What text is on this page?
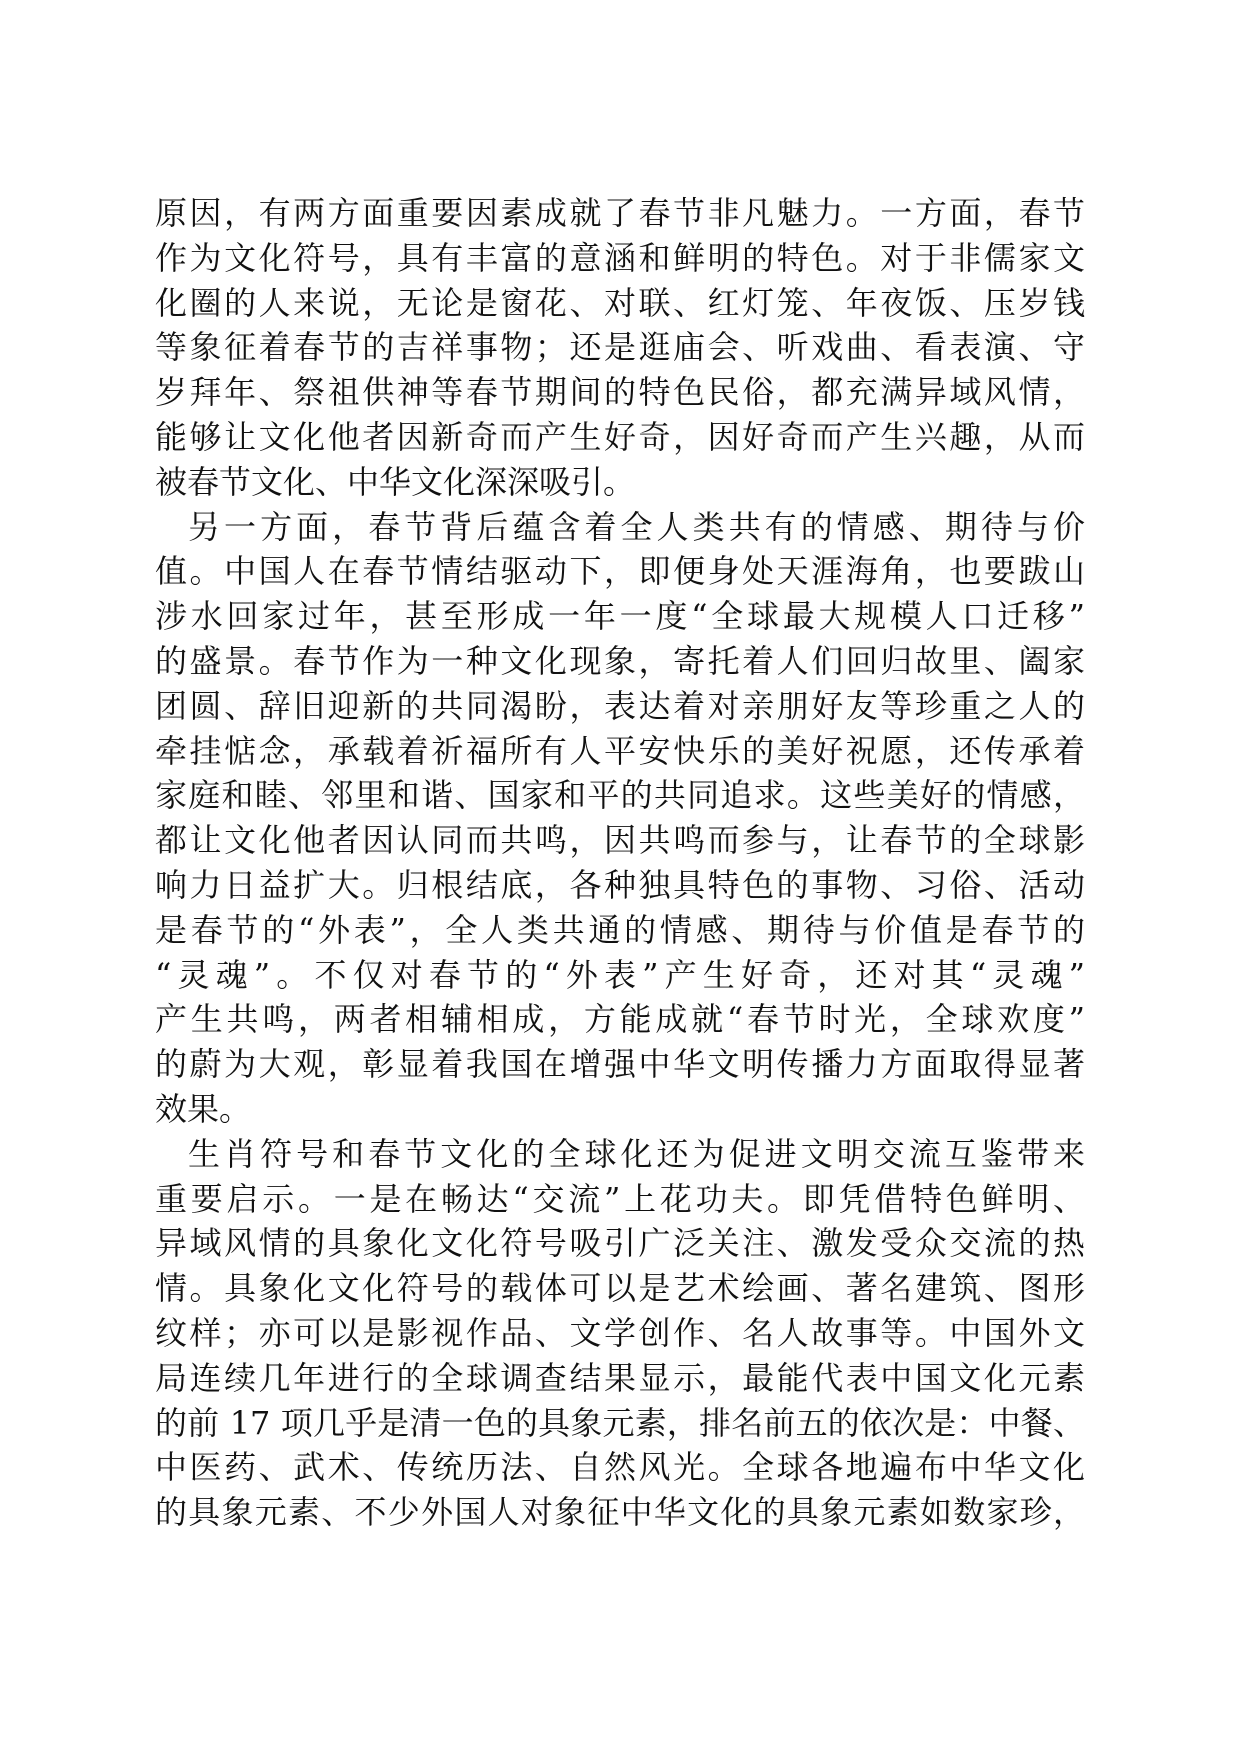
原因，有两方面重要因素成就了春节非凡魅力。一方面，春节
作为文化符号，具有丰富的意涵和鲜明的特色。对于非儒家文
化圈的人来说，无论是窗花、对联、红灯笼、年夜饭、压岁钱
等象征着春节的吉祥事物；还是逛庙会、听戏曲、看表演、守
岁拜年、祭祖供神等春节期间的特色民俗，都充满异域风情，
能够让文化他者因新奇而产生好奇，因好奇而产生兴趣，从而
被春节文化、中华文化深深吸引。
另一方面，春节背后蕴含着全人类共有的情感、期待与价
值。中国人在春节情结驱动下，即便身处天涯海角，也要跋山
涉水回家过年，甚至形成一年一度“全球最大规模人口迁移”
的盛景。春节作为一种文化现象，寄托着人们回归故里、阖家
团圆、辞旧迎新的共同渴盼，表达着对亲朋好友等珍重之人的
牵挂惦念，承载着祈福所有人平安快乐的美好祝愿，还传承着
家庭和睦、邻里和谐、国家和平的共同追求。这些美好的情感，
都让文化他者因认同而共鸣，因共鸣而参与，让春节的全球影
响力日益扩大。归根结底，各种独具特色的事物、习俗、活动
是春节的“外表”，全人类共通的情感、期待与价值是春节的
“灵魂”。不仅对春节的“外表”产生好奇，还对其“灵魂”
产生共鸣，两者相辅相成，方能成就“春节时光，全球欢度”
的蔚为大观，彰显着我国在增强中华文明传播力方面取得显著
效果。
生肖符号和春节文化的全球化还为促进文明交流互鉴带来
重要启示。一是在畅达“交流”上花功夫。即凭借特色鲜明、
异域风情的具象化文化符号吸引广泛关注、激发受众交流的热
情。具象化文化符号的载体可以是艺术绘画、著名建筑、图形
纹样；亦可以是影视作品、文学创作、名人故事等。中国外文
局连续几年进行的全球调查结果显示，最能代表中国文化元素
的前 17 项几乎是清一色的具象元素，排名前五的依次是：中餐、
中医药、武术、传统历法、自然风光。全球各地遍布中华文化
的具象元素、不少外国人对象征中华文化的具象元素如数家珍，
